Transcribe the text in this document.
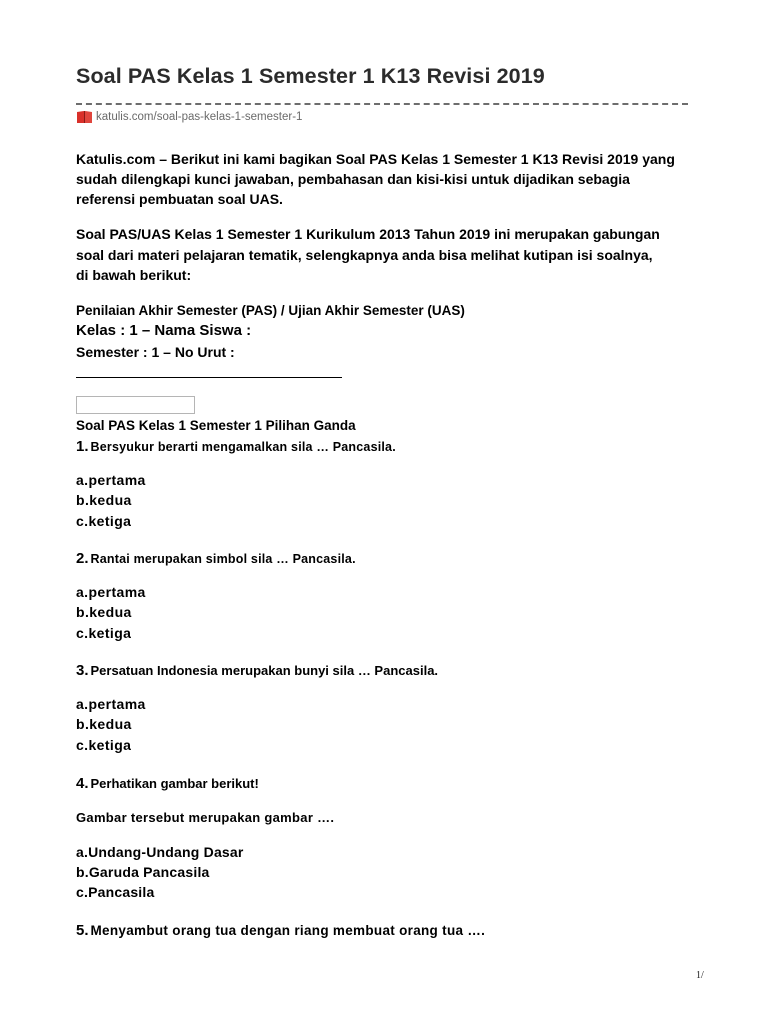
Soal PAS Kelas 1 Semester 1 K13 Revisi 2019
katulis.com/soal-pas-kelas-1-semester-1
Katulis.com – Berikut ini kami bagikan Soal PAS Kelas 1 Semester 1 K13 Revisi 2019 yang
sudah dilengkapi kunci jawaban, pembahasan dan kisi-kisi untuk dijadikan sebagia
referensi pembuatan soal UAS.
Soal PAS/UAS Kelas 1 Semester 1 Kurikulum 2013 Tahun 2019 ini merupakan gabungan
soal dari materi pelajaran tematik, selengkapnya anda bisa melihat kutipan isi soalnya,
di bawah berikut:
Penilaian Akhir Semester (PAS) / Ujian Akhir Semester (UAS)
Kelas : 1 – Nama Siswa :
Semester : 1 – No Urut :
Soal PAS Kelas 1 Semester 1 Pilihan Ganda
1. Bersyukur berarti mengamalkan sila … Pancasila.
a.pertama
b.kedua
c.ketiga
2. Rantai merupakan simbol sila … Pancasila.
a.pertama
b.kedua
c.ketiga
3. Persatuan Indonesia merupakan bunyi sila … Pancasila.
a.pertama
b.kedua
c.ketiga
4. Perhatikan gambar berikut!
Gambar tersebut merupakan gambar ….
a.Undang-Undang Dasar
b.Garuda Pancasila
c.Pancasila
5. Menyambut orang tua dengan riang membuat orang tua ….
1/
